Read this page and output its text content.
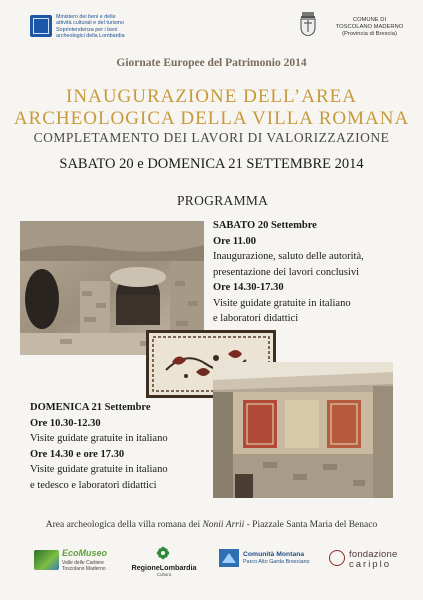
Ministero dei beni e delle
attività culturali e del turismo
Soprintendenza per i beni
archeologici della Lombardia
COMUNE DI
TOSCOLANO MADERNO
(Provincia di Brescia)
Giornate Europee del Patrimonio 2014
INAUGURAZIONE DELL’AREA
ARCHEOLOGICA DELLA VILLA ROMANA
COMPLETAMENTO DEI LAVORI DI VALORIZZAZIONE
SABATO 20 e DOMENICA 21 SETTEMBRE 2014
PROGRAMMA
SABATO 20 Settembre
Ore 11.00
Inaugurazione, saluto delle autorità,
presentazione dei lavori conclusivi
Ore 14.30-17.30
Visite guidate gratuite in italiano
e laboratori didattici
DOMENICA 21 Settembre
Ore 10.30-12.30
Visite guidate gratuite in italiano
Ore 14.30 e ore 17.30
Visite guidate gratuite in italiano
e tedesco e laboratori didattici
Area archeologica della villa romana dei Nonii Arrii - Piazzale Santa Maria del Benaco
EcoMuseo
Valle delle Cartiere
Toscolano Maderno	RegioneLombardia
Cultura
Comunità Montana
Parco Alto Garda Bresciano
fondazione
cariplo
